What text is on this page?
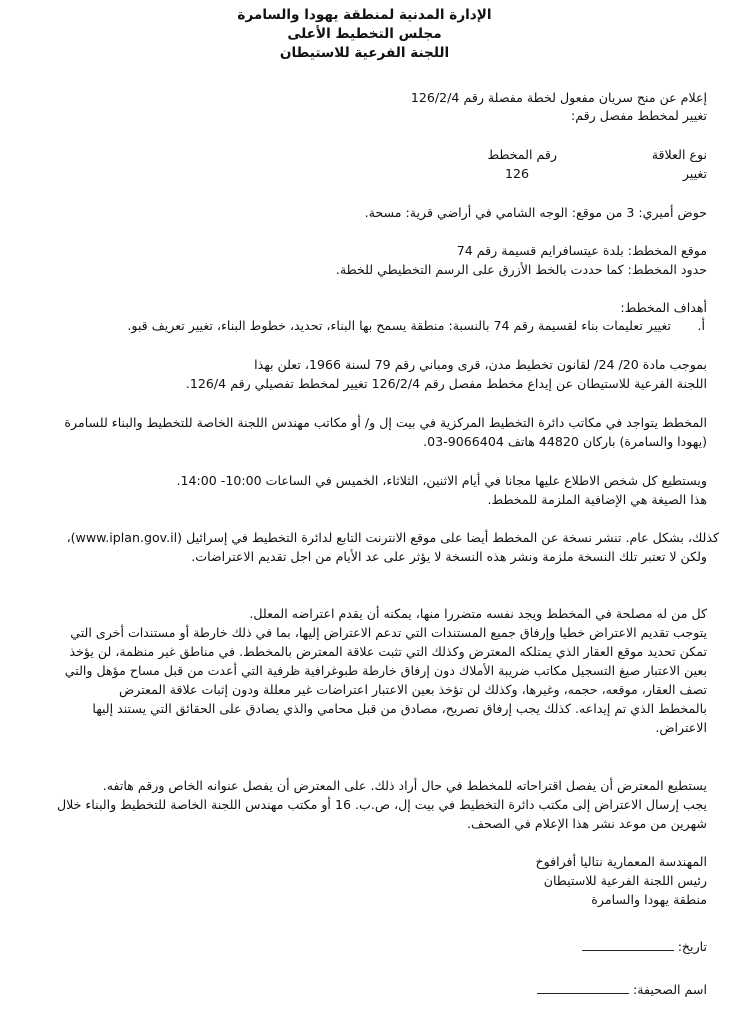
الإدارة المدنية لمنطقة يهودا والسامرة
مجلس التخطيط الأعلى
اللجنة الفرعية للاستيطان
إعلام عن منح سريان مفعول لخطة مفصلة رقم 126/2/4
تغيير لمخطط مفصل رقم:
نوع العلاقة
رقم المخطط
تغيير
126
حوض أميري: 3 من موقع: الوجه الشامي في أراضي قرية: مسحة.
موقع المخطط: بلدة عيتسافرايم قسيمة رقم 74
حدود المخطط: كما حددت بالخط الأزرق على الرسم التخطيطي للخطة.
أهداف المخطط:
أ.
تغيير تعليمات بناء لقسيمة رقم 74 بالنسبة: منطقة يسمح بها البناء، تحديد، خطوط البناء، تغيير تعريف قبو.
بموجب مادة 20/ 24/ لقانون تخطيط مدن، قرى ومباني رقم 79 لسنة 1966، تعلن بهذا
اللجنة الفرعية للاستيطان عن إيداع مخطط مفصل رقم 126/2/4 تغيير لمخطط تفصيلي رقم 126/4.
المخطط يتواجد في مكاتب دائرة التخطيط المركزية في بيت إل و/ أو مكاتب مهندس اللجنة الخاصة للتخطيط والبناء للسامرة
(يهودا والسامرة) باركان 44820 هاتف 9066404-03.
ويستطيع كل شخص الاطلاع عليها مجانا في أيام الاثنين، الثلاثاء، الخميس في الساعات 10:00- 14:00.
هذا الصيغة هي الإضافية الملزمة للمخطط.
كذلك، بشكل عام. تنشر نسخة عن المخطط أيضا على موقع الانترنت التابع لدائرة التخطيط في إسرائيل (www.iplan.gov.il)،
ولكن لا تعتبر تلك النسخة ملزمة ونشر هذه النسخة لا يؤثر على عد الأيام من اجل تقديم الاعتراضات.
كل من له مصلحة في المخطط ويجد نفسه متضررا منها، يمكنه أن يقدم اعتراضه المعلل.
يتوجب تقديم الاعتراض خطيا وإرفاق جميع المستندات التي تدعم الاعتراض إليها، بما في ذلك خارطة أو مستندات أخرى التي
تمكن تحديد موقع العقار الذي يمتلكه المعترض وكذلك التي تثبت علاقة المعترض بالمخطط. في مناطق غير منظمة، لن يؤخذ
بعين الاعتبار صيغ التسجيل مكاتب ضريبة الأملاك دون إرفاق خارطة طبوغرافية ظرفية التي أعدت من قبل مساح مؤهل والتي
تصف العقار، موقعه، حجمه، وغيرها، وكذلك لن تؤخذ بعين الاعتبار اعتراضات غير معللة ودون إثبات علاقة المعترض
بالمخطط الذي تم إيداعه. كذلك يجب إرفاق تصريح، مصادق من قبل محامي والذي يصادق على الحقائق التي يستند إليها
الاعتراض.
يستطيع المعترض أن يفصل اقتراحاته للمخطط في حال أراد ذلك. على المعترض أن يفصل عنوانه الخاص ورقم هاتفه.
يجب إرسال الاعتراض إلى مكتب دائرة التخطيط في بيت إل، ص.ب. 16 أو مكتب مهندس اللجنة الخاصة للتخطيط والبناء خلال
شهرين من موعد نشر هذا الإعلام في الصحف.
المهندسة المعمارية نتاليا أفرافوخ
رئيس اللجنة الفرعية للاستيطان
منطقة يهودا والسامرة
تاريخ:
اسم الصحيفة:
